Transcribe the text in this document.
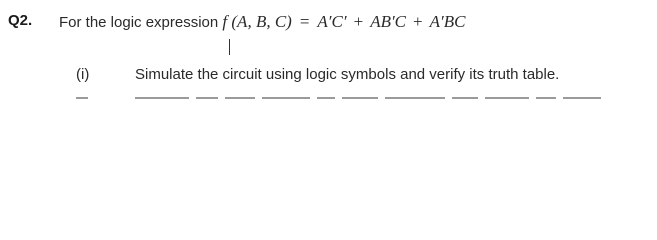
Q2. For the logic expression f (A, B, C) = A′C′ + AB′C + A′BC
(i)	Simulate the circuit using logic symbols and verify its truth table.
